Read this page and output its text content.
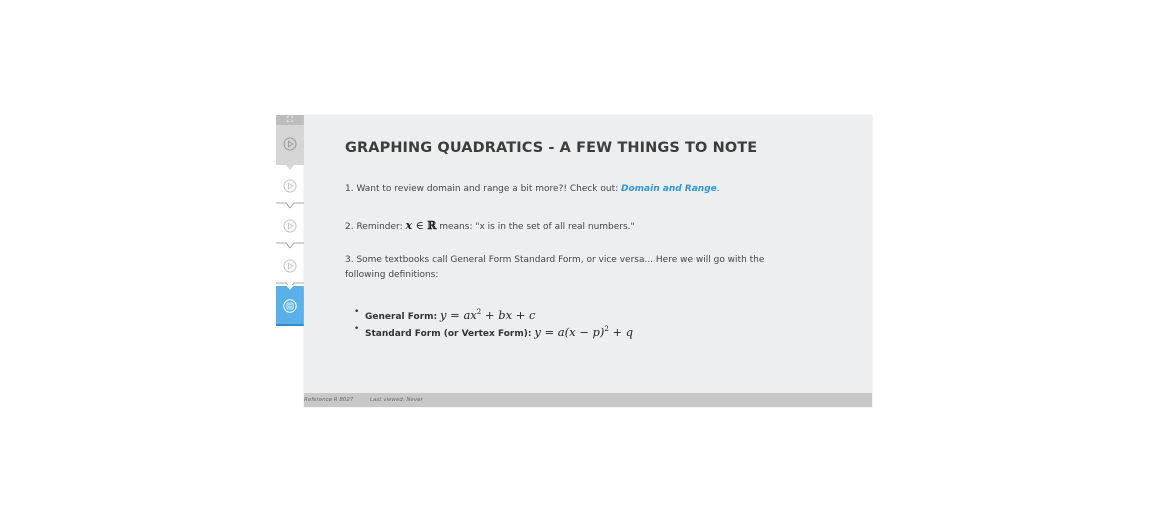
⛶
GRAPHING QUADRATICS - A FEW THINGS TO NOTE

1. Want to review domain and range a bit more?! Check out: Domain and Range.

2. Reminder: x ∈ ℝ means: "x is in the set of all real numbers."

3. Some textbooks call General Form Standard Form, or vice versa... Here we will go with the following definitions:

• General Form: $y = ax^2$ + bx + c
• Standard Form (or Vertex Form): $y = a(x - p)^2 + q$
Reference R 8027	Last viewed: Never
